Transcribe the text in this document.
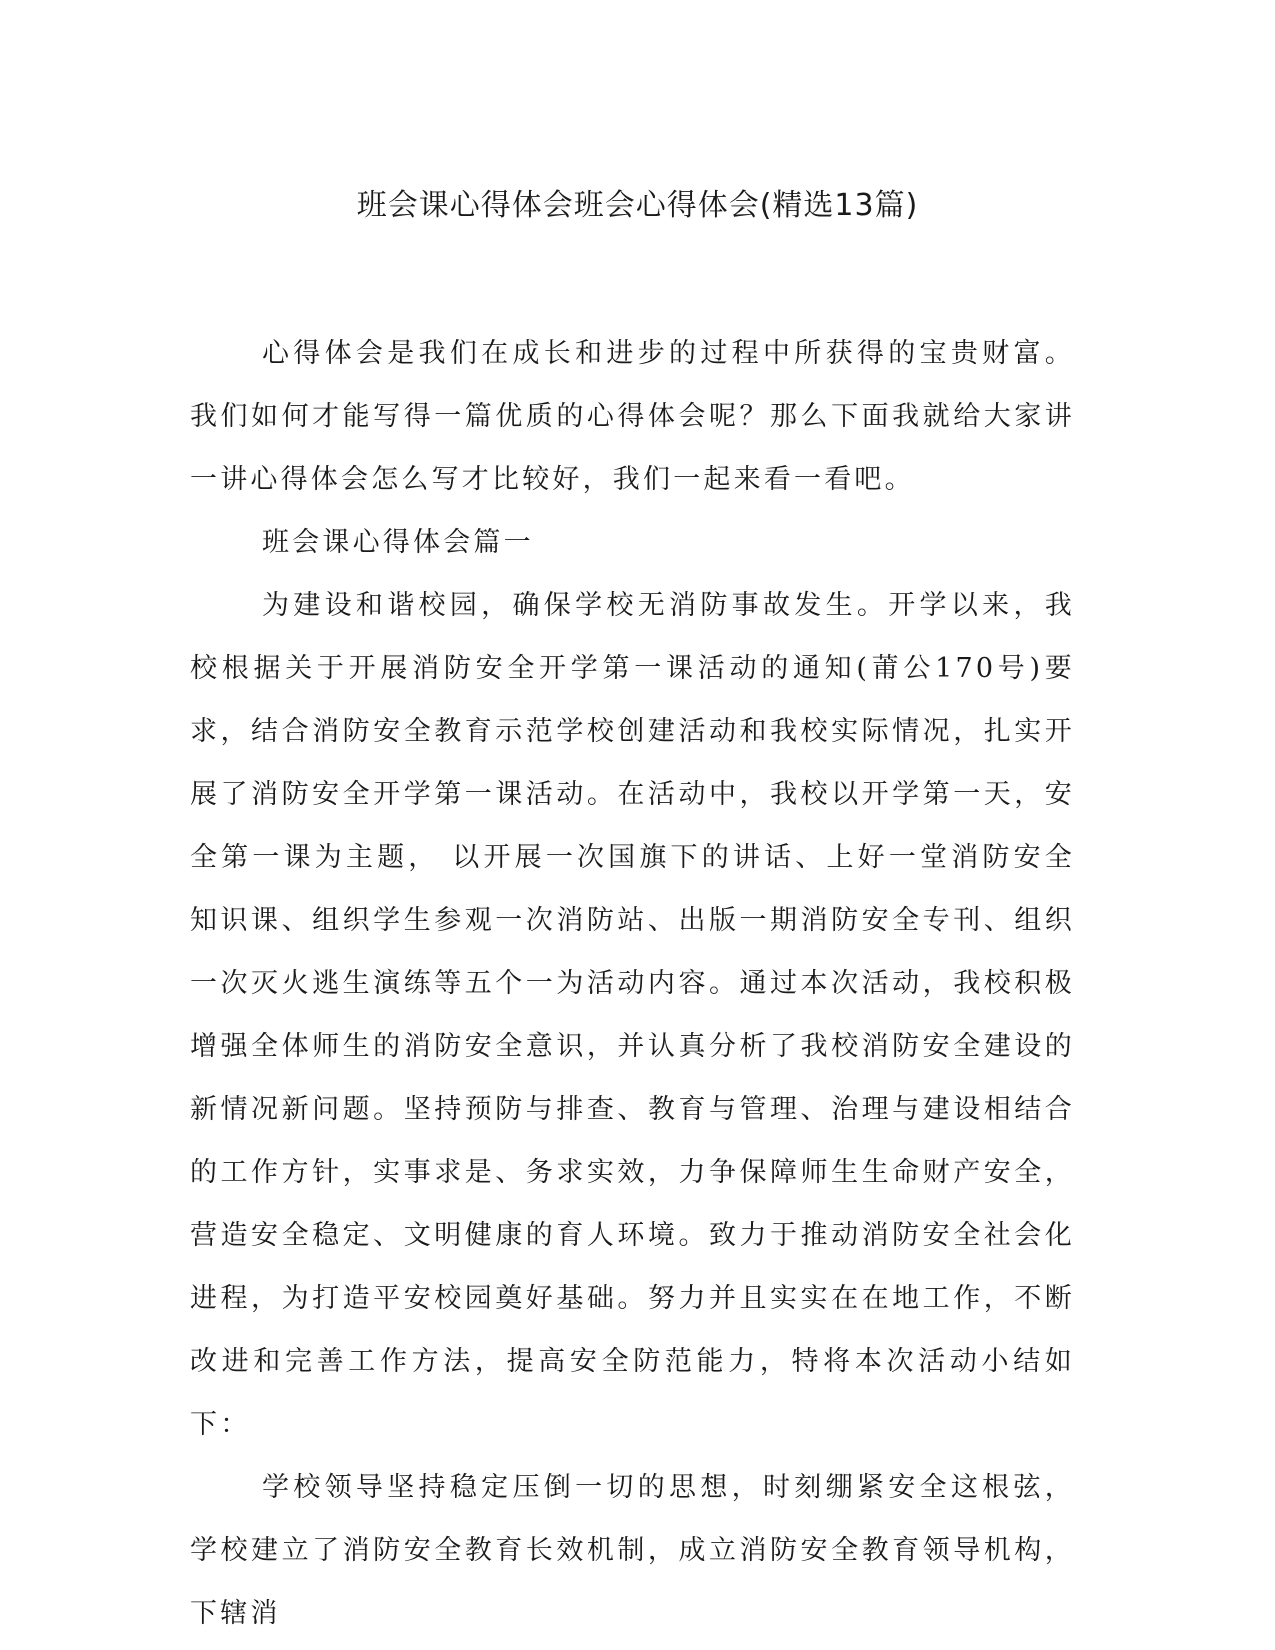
班会课心得体会班会心得体会(精选13篇)

心得体会是我们在成长和进步的过程中所获得的宝贵财富。我们如何才能写得一篇优质的心得体会呢？那么下面我就给大家讲一讲心得体会怎么写才比较好，我们一起来看一看吧。

班会课心得体会篇一

为建设和谐校园，确保学校无消防事故发生。开学以来，我校根据关于开展消防安全开学第一课活动的通知(莆公170号)要求，结合消防安全教育示范学校创建活动和我校实际情况，扎实开展了消防安全开学第一课活动。在活动中，我校以开学第一天，安全第一课为主题， 以开展一次国旗下的讲话、上好一堂消防安全知识课、组织学生参观一次消防站、出版一期消防安全专刊、组织一次灭火逃生演练等五个一为活动内容。通过本次活动，我校积极增强全体师生的消防安全意识，并认真分析了我校消防安全建设的新情况新问题。坚持预防与排查、教育与管理、治理与建设相结合的工作方针，实事求是、务求实效，力争保障师生生命财产安全，营造安全稳定、文明健康的育人环境。致力于推动消防安全社会化进程，为打造平安校园奠好基础。努力并且实实在在地工作，不断改进和完善工作方法，提高安全防范能力，特将本次活动小结如下：

学校领导坚持稳定压倒一切的思想，时刻绷紧安全这根弦，学校建立了消防安全教育长效机制，成立消防安全教育领导机构，下辖消
